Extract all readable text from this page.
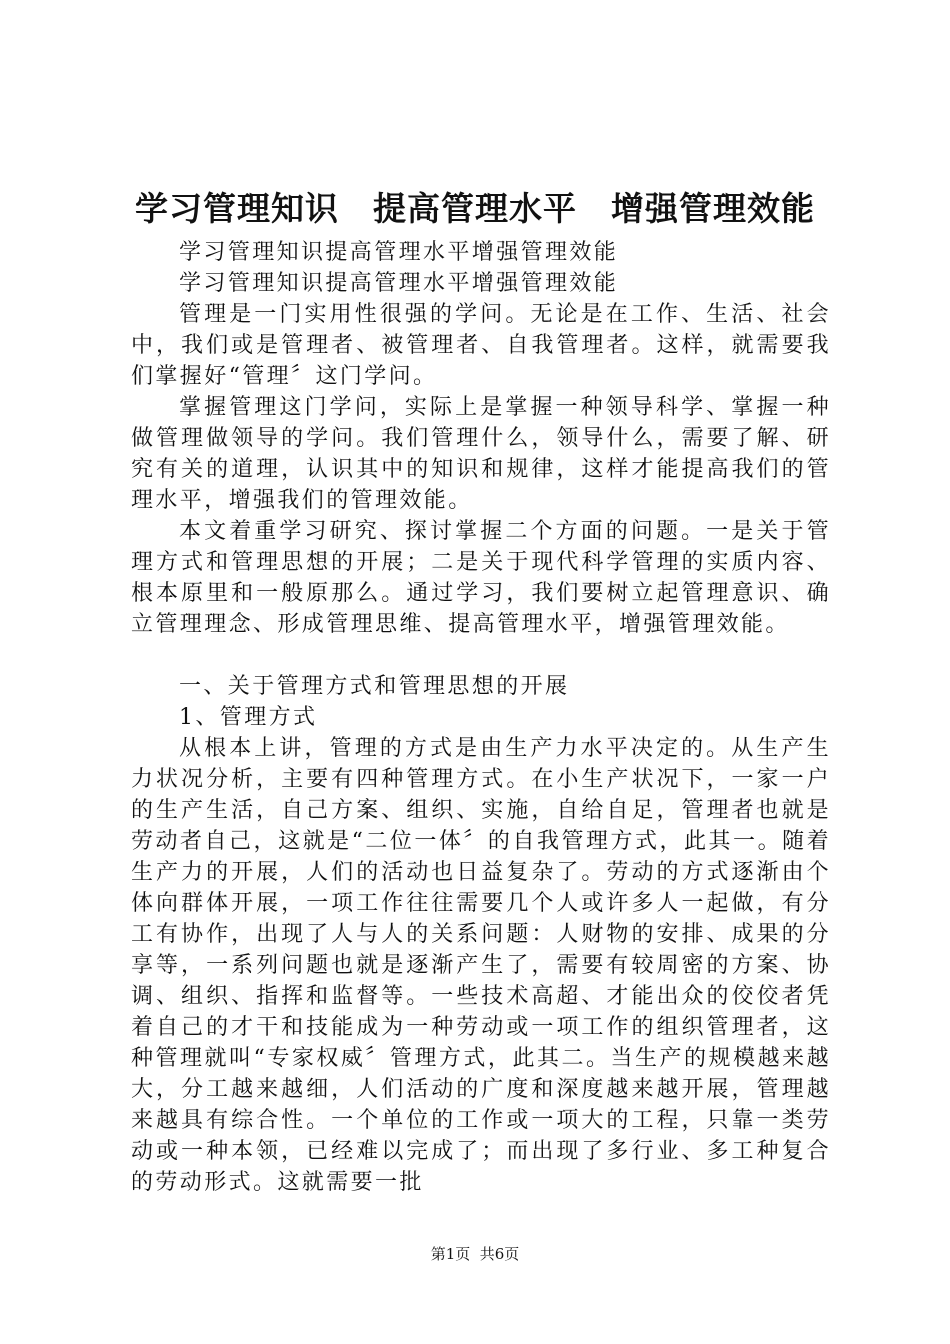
学习管理知识　提高管理水平　增强管理效能

学习管理知识提高管理水平增强管理效能

学习管理知识提高管理水平增强管理效能

管理是一门实用性很强的学问。无论是在工作、生活、社会中，我们或是管理者、被管理者、自我管理者。这样，就需要我们掌握好“管理〞这门学问。

掌握管理这门学问，实际上是掌握一种领导科学、掌握一种做管理做领导的学问。我们管理什么，领导什么，需要了解、研究有关的道理，认识其中的知识和规律，这样才能提高我们的管理水平，增强我们的管理效能。

本文着重学习研究、探讨掌握二个方面的问题。一是关于管理方式和管理思想的开展；二是关于现代科学管理的实质内容、根本原里和一般原那么。通过学习，我们要树立起管理意识、确立管理理念、形成管理思维、提高管理水平，增强管理效能。

一、关于管理方式和管理思想的开展

1、管理方式

从根本上讲，管理的方式是由生产力水平决定的。从生产生力状况分析，主要有四种管理方式。在小生产状况下，一家一户的生产生活，自己方案、组织、实施，自给自足，管理者也就是劳动者自己，这就是“二位一体〞的自我管理方式，此其一。随着生产力的开展，人们的活动也日益复杂了。劳动的方式逐渐由个体向群体开展，一项工作往往需要几个人或许多人一起做，有分工有协作，出现了人与人的关系问题：人财物的安排、成果的分享等，一系列问题也就是逐渐产生了，需要有较周密的方案、协调、组织、指挥和监督等。一些技术高超、才能出众的佼佼者凭着自己的才干和技能成为一种劳动或一项工作的组织管理者，这种管理就叫“专家权威〞管理方式，此其二。当生产的规模越来越大，分工越来越细，人们活动的广度和深度越来越开展，管理越来越具有综合性。一个单位的工作或一项大的工程，只靠一类劳动或一种本领，已经难以完成了；而出现了多行业、多工种复合的劳动形式。这就需要一批

第1页  共6页
